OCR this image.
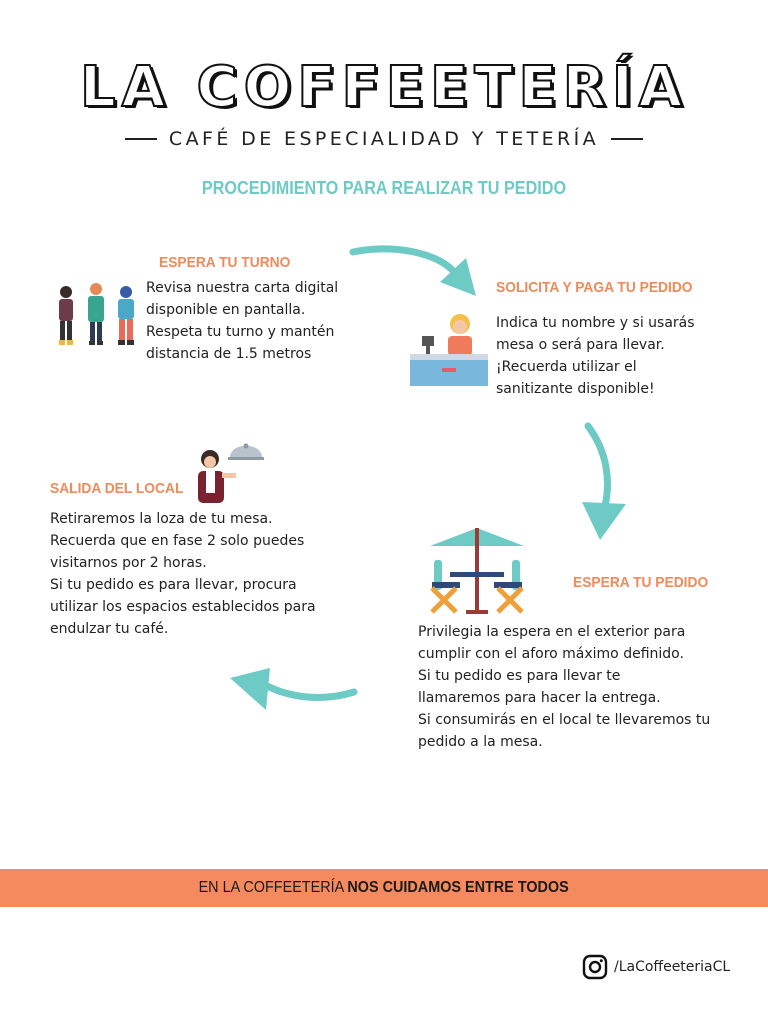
LA COFFEETERÍA
CAFÉ DE ESPECIALIDAD Y TETERÍA
PROCEDIMIENTO PARA REALIZAR TU PEDIDO
ESPERA TU TURNO
Revisa nuestra carta digital
disponible en pantalla.
Respeta tu turno y mantén
distancia de 1.5 metros
SOLICITA Y PAGA TU PEDIDO
Indica tu nombre y si usarás
mesa o será para llevar.
¡Recuerda utilizar el
sanitizante disponible!
SALIDA DEL LOCAL
Retiraremos la loza de tu mesa.
Recuerda que en fase 2 solo puedes
visitarnos por 2 horas.
Si tu pedido es para llevar, procura
utilizar los espacios establecidos para
endulzar tu café.
ESPERA TU PEDIDO
Privilegia la espera en el exterior para
cumplir con el aforo máximo definido.
Si tu pedido es para llevar te
llamaremos para hacer la entrega.
Si consumirás en el local te llevaremos tu
pedido a la mesa.
EN LA COFFEETERÍA NOS CUIDAMOS ENTRE TODOS
/LaCoffeeteriaCL
